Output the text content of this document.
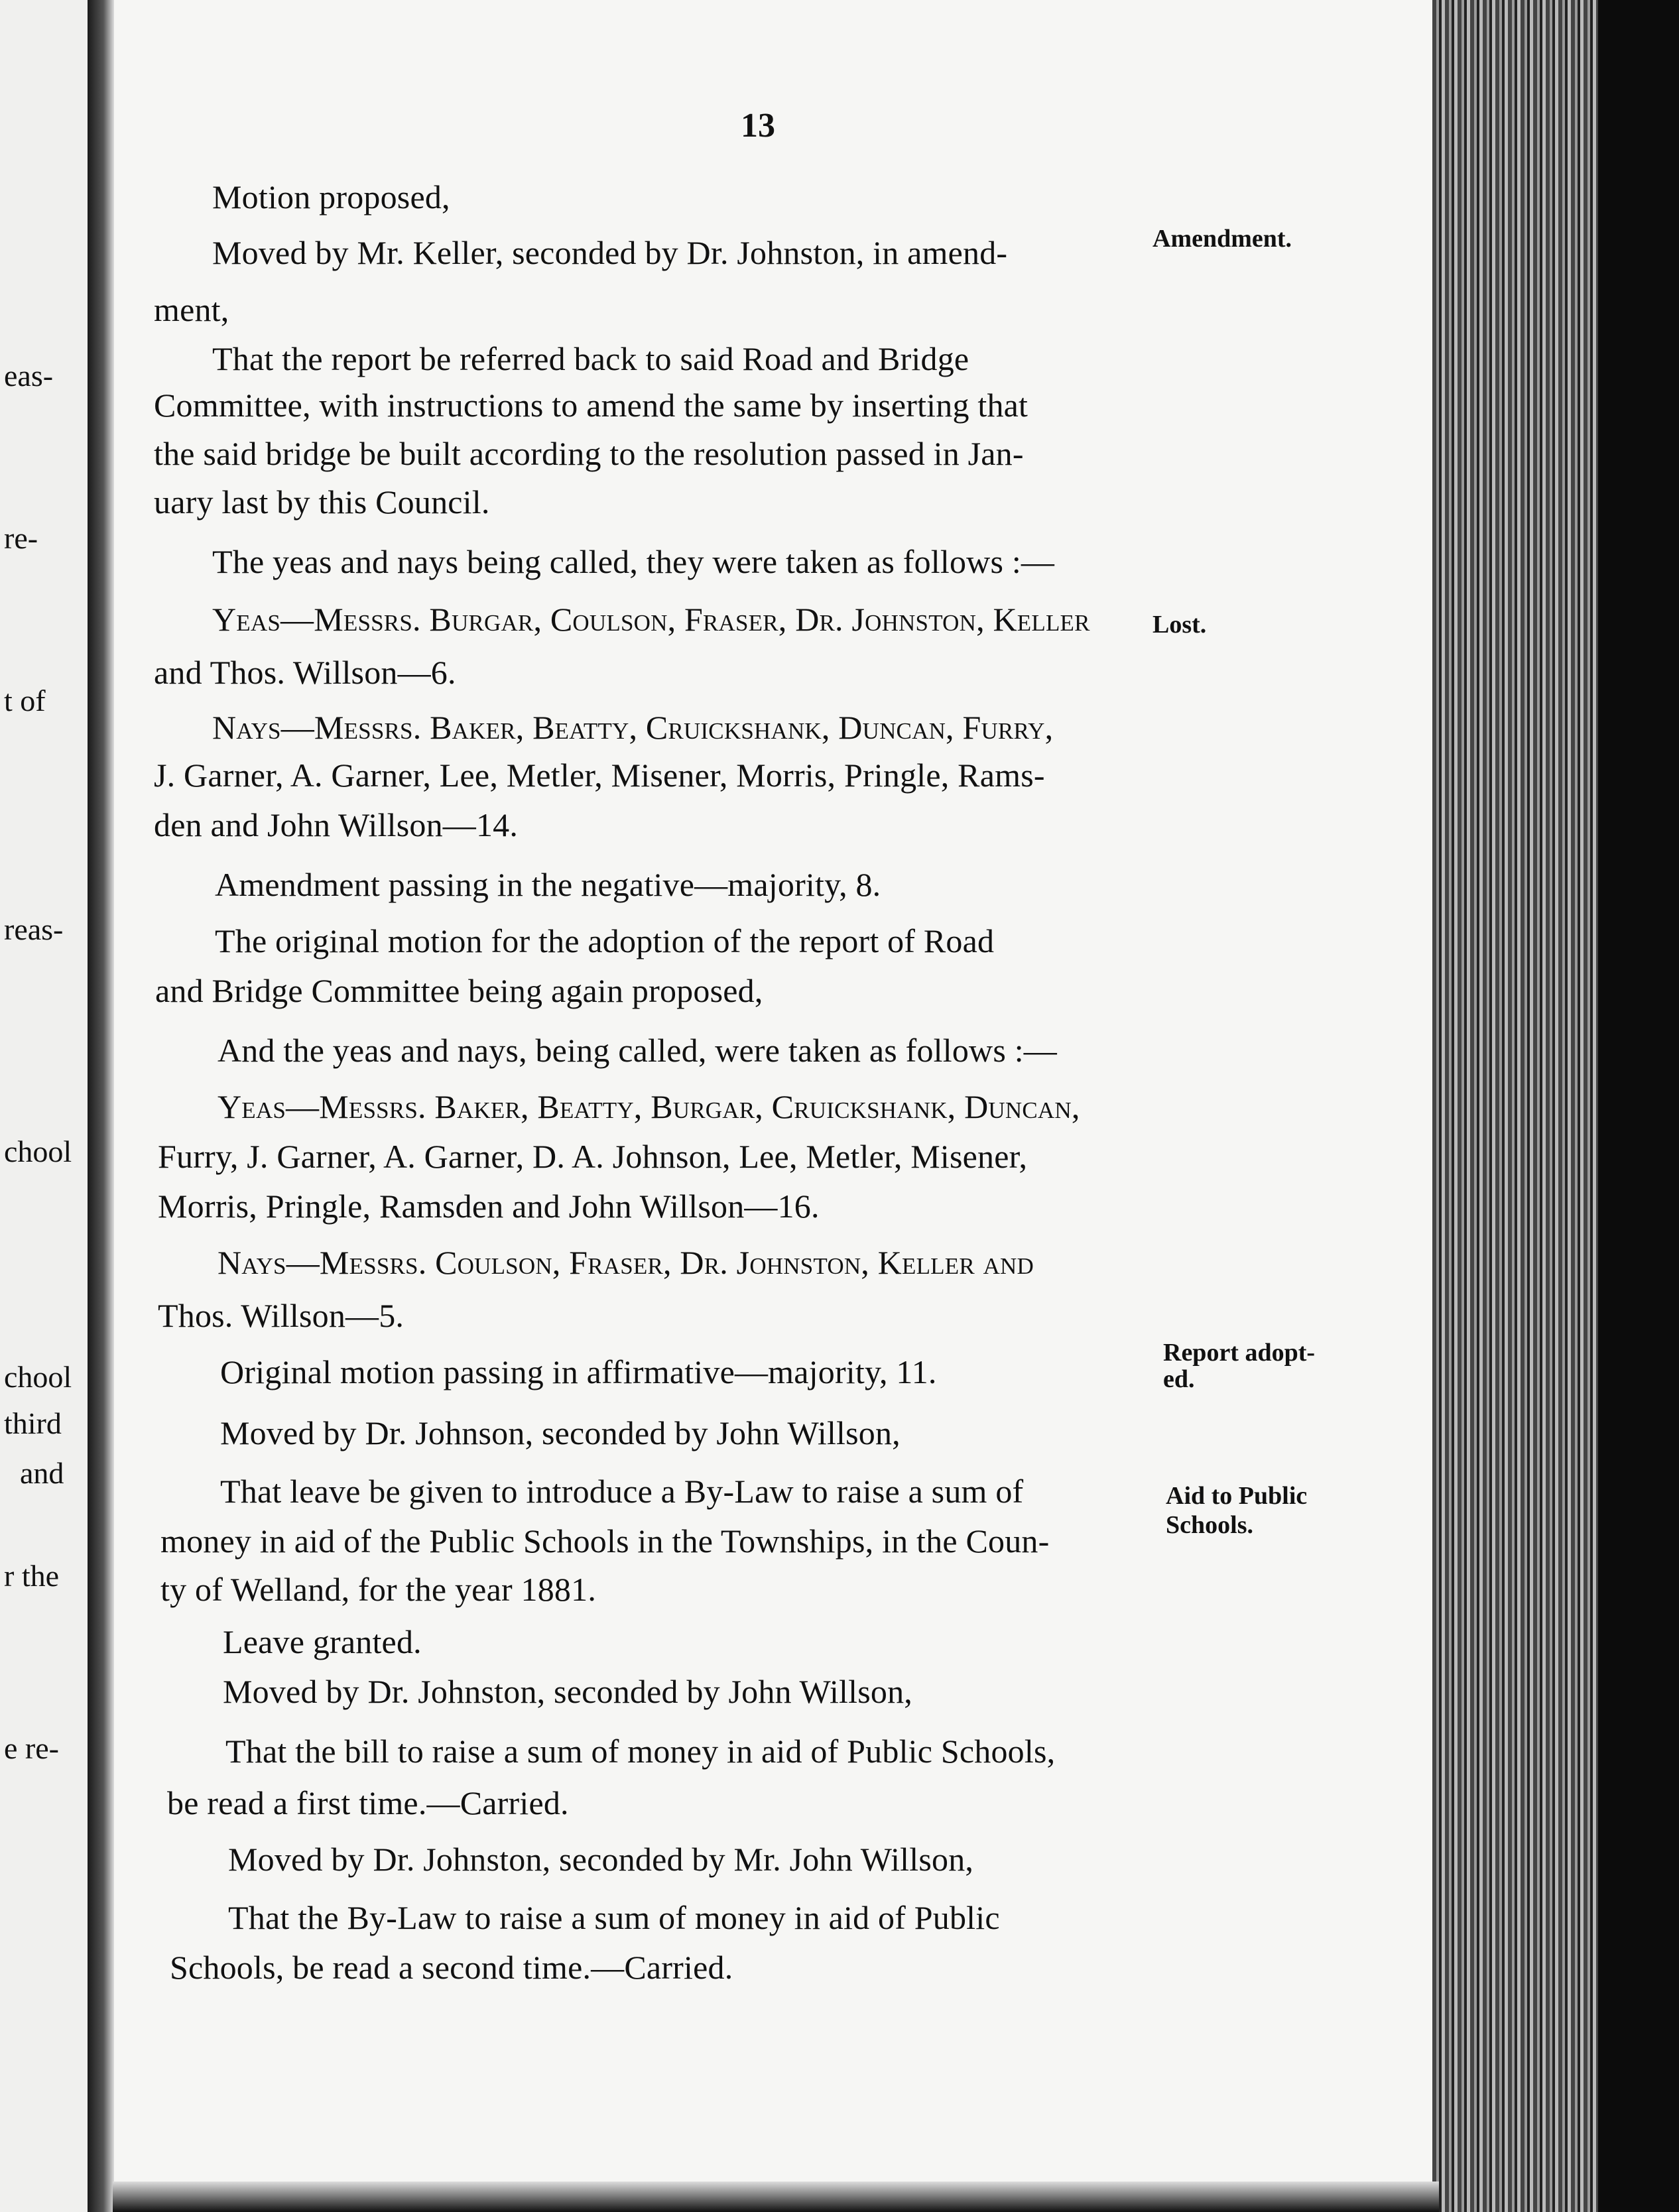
eas-
re-
t of
reas-
chool
chool
third
and
r the
e re-
13
Motion proposed,
Moved by Mr. Keller, seconded by Dr. Johnston, in amend-
ment,
That the report be referred back to said Road and Bridge
Committee, with instructions to amend the same by inserting that
the said bridge be built according to the resolution passed in Jan-
uary last by this Council.
The yeas and nays being called, they were taken as follows :—
Yeas—Messrs. Burgar, Coulson, Fraser, Dr. Johnston, Keller
and Thos. Willson—6.
Nays—Messrs. Baker, Beatty, Cruickshank, Duncan, Furry,
J. Garner, A. Garner, Lee, Metler, Misener, Morris, Pringle, Rams-
den and John Willson—14.
Amendment passing in the negative—majority, 8.
The original motion for the adoption of the report of Road
and Bridge Committee being again proposed,
And the yeas and nays, being called, were taken as follows :—
Yeas—Messrs. Baker, Beatty, Burgar, Cruickshank, Duncan,
Furry, J. Garner, A. Garner, D. A. Johnson, Lee, Metler, Misener,
Morris, Pringle, Ramsden and John Willson—16.
Nays—Messrs. Coulson, Fraser, Dr. Johnston, Keller and
Thos. Willson—5.
Original motion passing in affirmative—majority, 11.
Moved by Dr. Johnson, seconded by John Willson,
That leave be given to introduce a By-Law to raise a sum of
money in aid of the Public Schools in the Townships, in the Coun-
ty of Welland, for the year 1881.
Leave granted.
Moved by Dr. Johnston, seconded by John Willson,
That the bill to raise a sum of money in aid of Public Schools,
be read a first time.—Carried.
Moved by Dr. Johnston, seconded by Mr. John Willson,
That the By-Law to raise a sum of money in aid of Public
Schools, be read a second time.—Carried.
Amendment.
Lost.
Report adopt-
ed.
Aid to Public
Schools.
